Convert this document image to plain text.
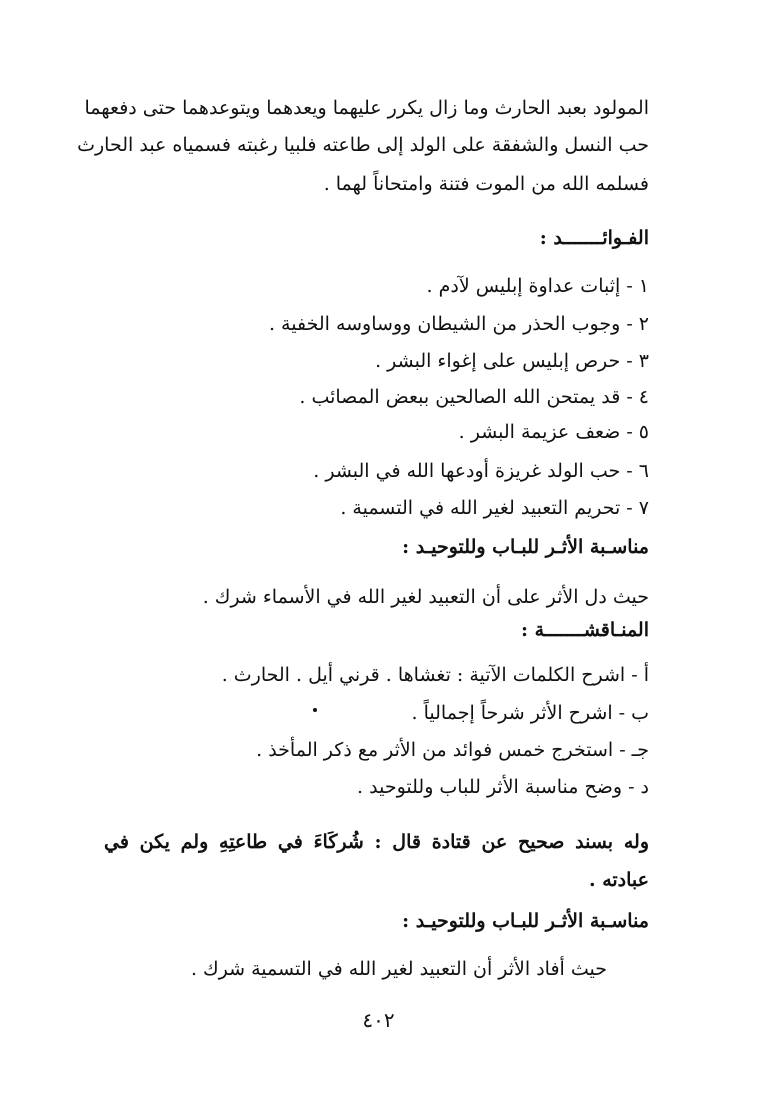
المولود بعبد الحارث وما زال يكرر عليهما ويعدهما ويتوعدهما حتى دفعهما
حب النسل والشفقة على الولد إلى طاعته فلبيا رغبته فسمياه عبد الحارث
فسلمه الله من الموت فتنة وامتحاناً لهما .
الفـوائـــــــد :
١ - إثبات عداوة إبليس لآدم .
٢ - وجوب الحذر من الشيطان ووساوسه الخفية .
٣ - حرص إبليس على إغواء البشر .
٤ - قد يمتحن الله الصالحين ببعض المصائب .
٥ - ضعف عزيمة البشر .
٦ - حب الولد غريزة أودعها الله في البشر .
٧ - تحريم التعبيد لغير الله في التسمية .
مناسـبة الأثـر للبـاب وللتوحيـد :
حيث دل الأثر على أن التعبيد لغير الله في الأسماء شرك .
المنـاقشـــــــة :
أ - اشرح الكلمات الآتية : تغشاها . قرني أيل . الحارث .
ب - اشرح الأثر شرحاً إجمالياً .
جـ - استخرج خمس فوائد من الأثر مع ذكر المأخذ .
د - وضح مناسبة الأثر للباب وللتوحيد .
وله بسند صحيح عن قتادة قال : شُركَاءَ في طاعتِهِ ولم يكن في
عبادته .
مناسـبة الأثـر للبـاب وللتوحيـد :
حيث أفاد الأثر أن التعبيد لغير الله في التسمية شرك .
٤٠٢
